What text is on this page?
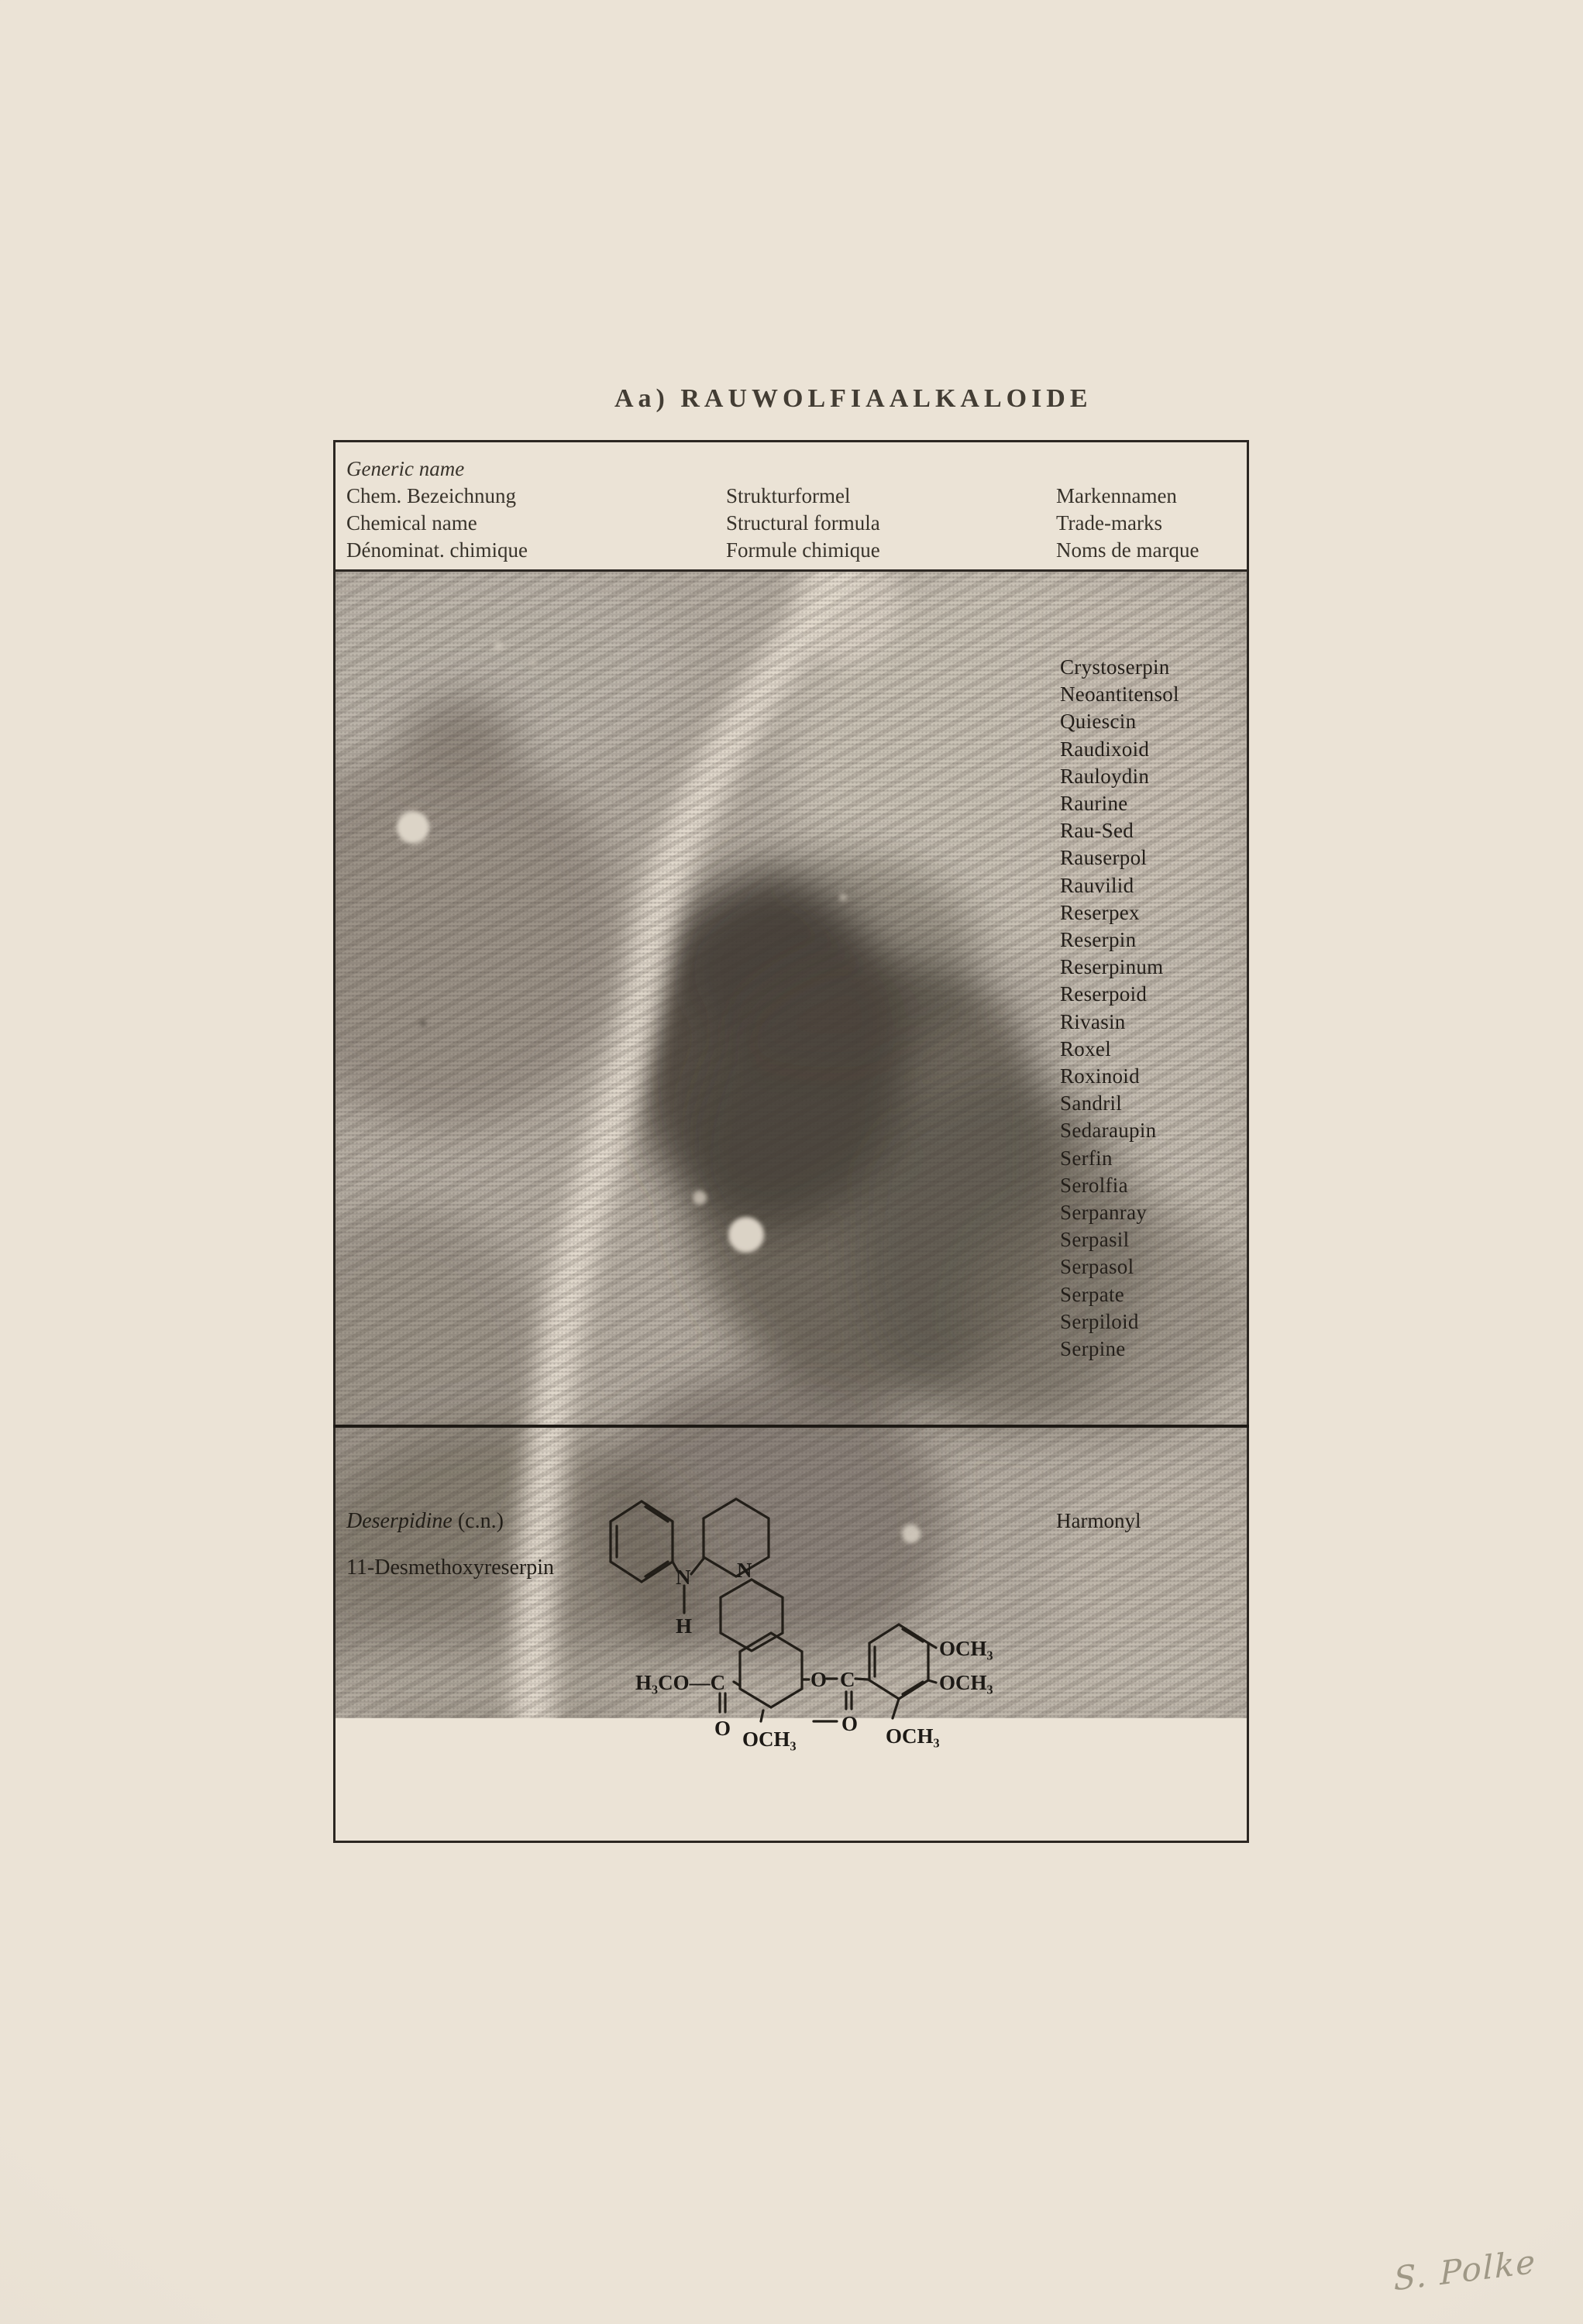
Aa) RAUWOLFIAALKALOIDE
Generic name
Chem. Bezeichnung
Chemical name
Dénominat. chimique
Strukturformel
Structural formula
Formule chimique
Markennamen
Trade-marks
Noms de marque
Crystoserpin
Neoantitensol
Quiescin
Raudixoid
Rauloydin
Raurine
Rau-Sed
Rauserpol
Rauvilid
Reserpex
Reserpin
Reserpinum
Reserpoid
Rivasin
Roxel
Roxinoid
Sandril
Sedaraupin
Serfin
Serolfia
Serpanray
Serpasil
Serpasol
Serpate
Serpiloid
Serpine
Deserpidine (c.n.)
11-Desmethoxyreserpin
Harmonyl
N
H
N
H₃CO—C
O OCH₃
O C
O
OCH₃
OCH₃
OCH₃
S. Polke
